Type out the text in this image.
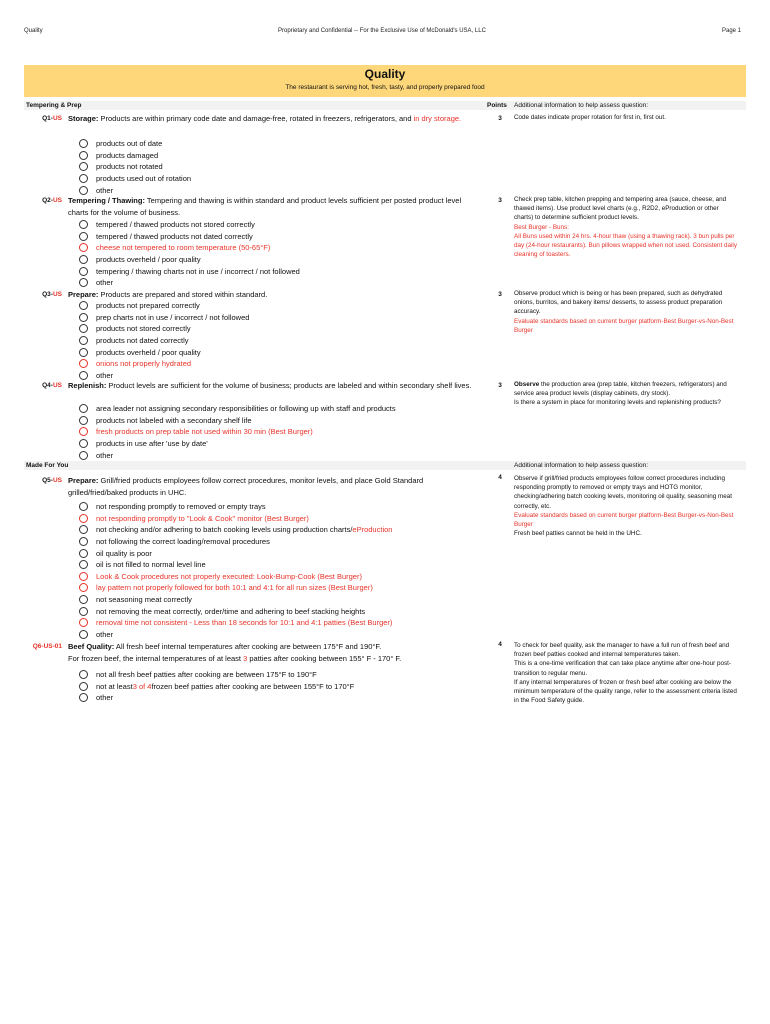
Quality	Proprietary and Confidential -- For the Exclusive Use of McDonald's USA, LLC	Page 1
Quality
The restaurant is serving hot, fresh, tasty, and properly prepared food
Tempering & Prep	Points Additional information to help assess question:
Q1-US Storage: Products are within primary code date and damage-free, rotated in freezers, refrigerators, and in dry storage.
products out of date
products damaged
products not rotated
products used out of rotation
other
3	Code dates indicate proper rotation for first in, first out.
Q2-US Tempering / Thawing: Tempering and thawing is within standard and product levels sufficient per posted product level charts for the volume of business.
tempered / thawed products not stored correctly
tempered / thawed products not dated correctly
cheese not tempered to room temperature (50-65°F)
products overheld / poor quality
tempering / thawing charts not in use / incorrect / not followed
other
3	Check prep table, kitchen prepping and tempering area (sauce, cheese, and thawed items). Use product level charts (e.g., R2D2, eProduction or other charts) to determine sufficient product levels.
Best Burger - Buns:
All Buns used within 24 hrs. 4-hour thaw (using a thawing rack). 3 bun pulls per day (24-hour restaurants). Bun pillows wrapped when not used. Consistent daily cleaning of toasters.
Q3-US Prepare: Products are prepared and stored within standard.
products not prepared correctly
prep charts not in use / incorrect / not followed
products not stored correctly
products not dated correctly
products overheld / poor quality
onions not properly hydrated
other
3	Observe product which is being or has been prepared, such as dehydrated onions, burritos, and bakery items/ desserts, to assess product preparation accuracy.
Evaluate standards based on current burger platform-Best Burger-vs-Non-Best Burger
Q4-US Replenish: Product levels are sufficient for the volume of business; products are labeled and within secondary shelf lives.
area leader not assigning secondary responsibilities or following up with staff and products
products not labeled with a secondary shelf life
fresh products on prep table not used within 30 min (Best Burger)
products in use after 'use by date'
other
3	Observe the production area (prep table, kitchen freezers, refrigerators) and service area product levels (display cabinets, dry stock).
Is there a system in place for monitoring levels and replenishing products?
Made For You	Additional information to help assess question:
Q5-US Prepare: Grill/fried products employees follow correct procedures, monitor levels, and place Gold Standard grilled/fried/baked products in UHC.
not responding promptly to removed or empty trays
not responding promptly to "Look & Cook" monitor (Best Burger)
not checking and/or adhering to batch cooking levels using production charts/ eProduction
not following the correct loading/removal procedures
oil quality is poor
oil is not filled to normal level line
Look & Cook procedures not properly executed: Look-Bump-Cook (Best Burger)
lay pattern not properly followed for both 10:1 and 4:1 for all run sizes (Best Burger)
not seasoning meat correctly
not removing the meat correctly, order/time and adhering to beef stacking heights
removal time not consistent - Less than 18 seconds for 10:1 and 4:1 patties (Best Burger)
other
4	Observe if grill/fried products employees follow correct procedures including responding promptly to removed or empty trays and HOTG monitor, checking/adhering batch cooking levels, monitoring oil quality, seasoning meat correctly, etc.
Evaluate standards based on current burger platform-Best Burger-vs-Non-Best Burger
Fresh beef patties cannot be held in the UHC.
Q6-US-01 Beef Quality: All fresh beef internal temperatures after cooking are between 175°F and 190°F.
For frozen beef, the internal temperatures of at least 3 patties after cooking between 155° F - 170° F.
not all fresh beef patties after cooking are between 175°F to 190°F
not at least 3 of 4 frozen beef patties after cooking are between 155°F to 170°F
other
4	To check for beef quality, ask the manager to have a full run of fresh beef and frozen beef patties cooked and internal temperatures taken.
This is a one-time verification that can take place anytime after one-hour post-transition to regular menu.
If any internal temperatures of frozen or fresh beef after cooking are below the minimum temperature of the quality range, refer to the assessment criteria listed in the Food Safety guide.
